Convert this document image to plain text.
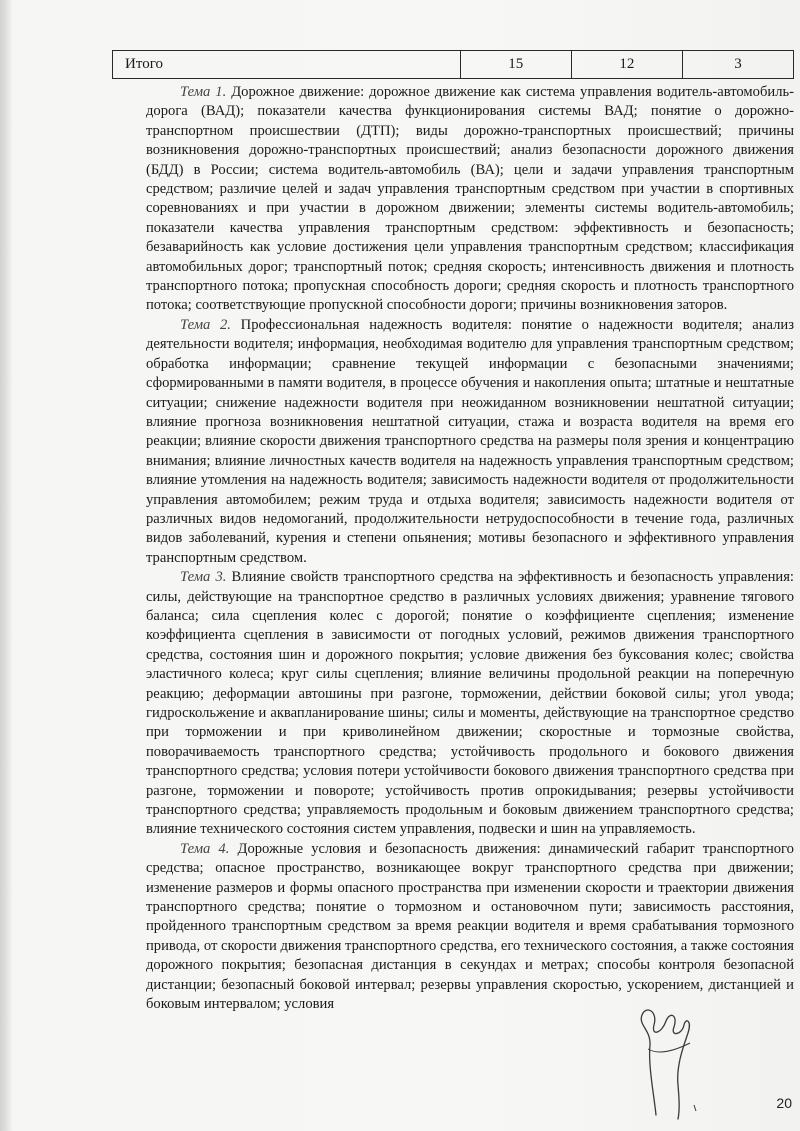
Итого	15	12	3

Тема 1. Дорожное движение: дорожное движение как система управления водитель-автомобиль-дорога (ВАД); показатели качества функционирования системы ВАД; понятие о дорожно-транспортном происшествии (ДТП); виды дорожно-транспортных происшествий; причины возникновения дорожно-транспортных происшествий; анализ безопасности дорожного движения (БДД) в России; система водитель-автомобиль (ВА); цели и задачи управления транспортным средством; различие целей и задач управления транспортным средством при участии в спортивных соревнованиях и при участии в дорожном движении; элементы системы водитель-автомобиль; показатели качества управления транспортным средством: эффективность и безопасность; безаварийность как условие достижения цели управления транспортным средством; классификация автомобильных дорог; транспортный поток; средняя скорость; интенсивность движения и плотность транспортного потока; пропускная способность дороги; средняя скорость и плотность транспортного потока; соответствующие пропускной способности дороги; причины возникновения заторов.

Тема 2. Профессиональная надежность водителя: понятие о надежности водителя; анализ деятельности водителя; информация, необходимая водителю для управления транспортным средством; обработка информации; сравнение текущей информации с безопасными значениями; сформированными в памяти водителя, в процессе обучения и накопления опыта; штатные и нештатные ситуации; снижение надежности водителя при неожиданном возникновении нештатной ситуации; влияние прогноза возникновения нештатной ситуации, стажа и возраста водителя на время его реакции; влияние скорости движения транспортного средства на размеры поля зрения и концентрацию внимания; влияние личностных качеств водителя на надежность управления транспортным средством; влияние утомления на надежность водителя; зависимость надежности водителя от продолжительности управления автомобилем; режим труда и отдыха водителя; зависимость надежности водителя от различных видов недомоганий, продолжительности нетрудоспособности в течение года, различных видов заболеваний, курения и степени опьянения; мотивы безопасного и эффективного управления транспортным средством.

Тема 3. Влияние свойств транспортного средства на эффективность и безопасность управления: силы, действующие на транспортное средство в различных условиях движения; уравнение тягового баланса; сила сцепления колес с дорогой; понятие о коэффициенте сцепления; изменение коэффициента сцепления в зависимости от погодных условий, режимов движения транспортного средства, состояния шин и дорожного покрытия; условие движения без буксования колес; свойства эластичного колеса; круг силы сцепления; влияние величины продольной реакции на поперечную реакцию; деформации автошины при разгоне, торможении, действии боковой силы; угол увода; гидроскольжение и аквапланирование шины; силы и моменты, действующие на транспортное средство при торможении и при криволинейном движении; скоростные и тормозные свойства, поворачиваемость транспортного средства; устойчивость продольного и бокового движения транспортного средства; условия потери устойчивости бокового движения транспортного средства при разгоне, торможении и повороте; устойчивость против опрокидывания; резервы устойчивости транспортного средства; управляемость продольным и боковым движением транспортного средства; влияние технического состояния систем управления, подвески и шин на управляемость.

Тема 4. Дорожные условия и безопасность движения: динамический габарит транспортного средства; опасное пространство, возникающее вокруг транспортного средства при движении; изменение размеров и формы опасного пространства при изменении скорости и траектории движения транспортного средства; понятие о тормозном и остановочном пути; зависимость расстояния, пройденного транспортным средством за время реакции водителя и время срабатывания тормозного привода, от скорости движения транспортного средства, его технического состояния, а также состояния дорожного покрытия; безопасная дистанция в секундах и метрах; способы контроля безопасной дистанции; безопасный боковой интервал; резервы управления скоростью, ускорением, дистанцией и боковым интервалом; условия

20
